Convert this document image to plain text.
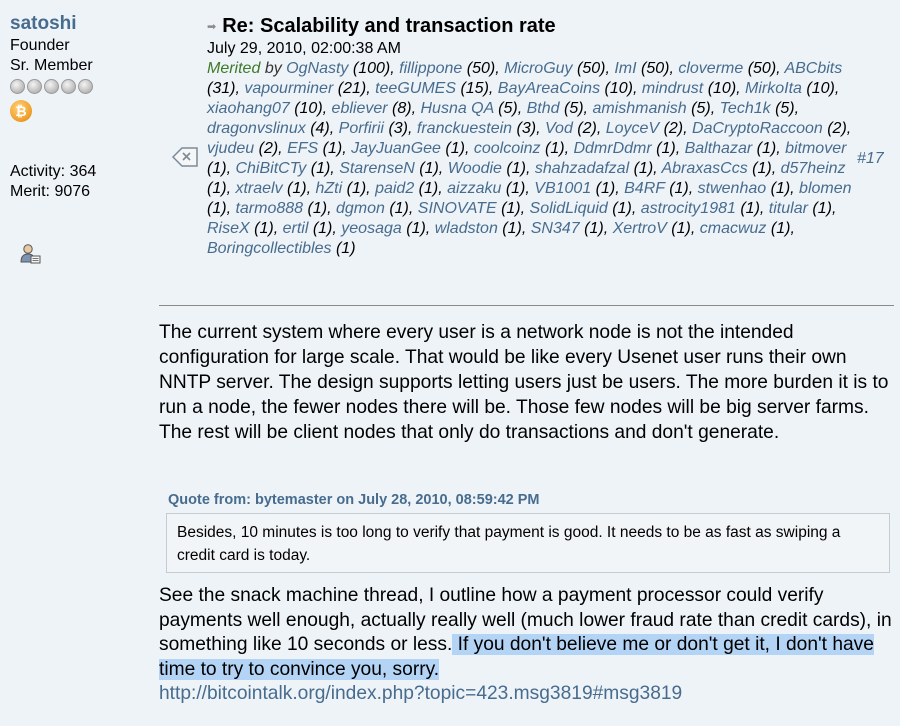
satoshi
Founder
Sr. Member
₿
Activity: 364
Merit: 9076
➡ Re: Scalability and transaction rate
July 29, 2010, 02:00:38 AM
Merited by OgNasty (100), fillippone (50), MicroGuy (50), ImI (50), cloverme (50), ABCbits (31), vapourminer (21), teeGUMES (15), BayAreaCoins (10), mindrust (10), MirkoIta (10), xiaohang07 (10), ebliever (8), Husna QA (5), Bthd (5), amishmanish (5), Tech1k (5), dragonvslinux (4), Porfirii (3), franckuestein (3), Vod (2), LoyceV (2), DaCryptoRaccoon (2), vjudeu (2), EFS (1), JayJuanGee (1), coolcoinz (1), DdmrDdmr (1), Balthazar (1), bitmover (1), ChiBitCTy (1), StarenseN (1), Woodie (1), shahzadafzal (1), AbraxasCcs (1), d57heinz (1), xtraelv (1), hZti (1), paid2 (1), aizzaku (1), VB1001 (1), B4RF (1), stwenhao (1), blomen (1), tarmo888 (1), dgmon (1), SINOVATE (1), SolidLiquid (1), astrocity1981 (1), titular (1), RiseX (1), ertil (1), yeosaga (1), wladston (1), SN347 (1), XertroV (1), cmacwuz (1), Boringcollectibles (1)
#17
The current system where every user is a network node is not the intended configuration for large scale. That would be like every Usenet user runs their own NNTP server. The design supports letting users just be users. The more burden it is to run a node, the fewer nodes there will be. Those few nodes will be big server farms. The rest will be client nodes that only do transactions and don't generate.
Quote from: bytemaster on July 28, 2010, 08:59:42 PM
Besides, 10 minutes is too long to verify that payment is good. It needs to be as fast as swiping a credit card is today.
See the snack machine thread, I outline how a payment processor could verify payments well enough, actually really well (much lower fraud rate than credit cards), in something like 10 seconds or less. If you don't believe me or don't get it, I don't have time to try to convince you, sorry.
http://bitcointalk.org/index.php?topic=423.msg3819#msg3819
